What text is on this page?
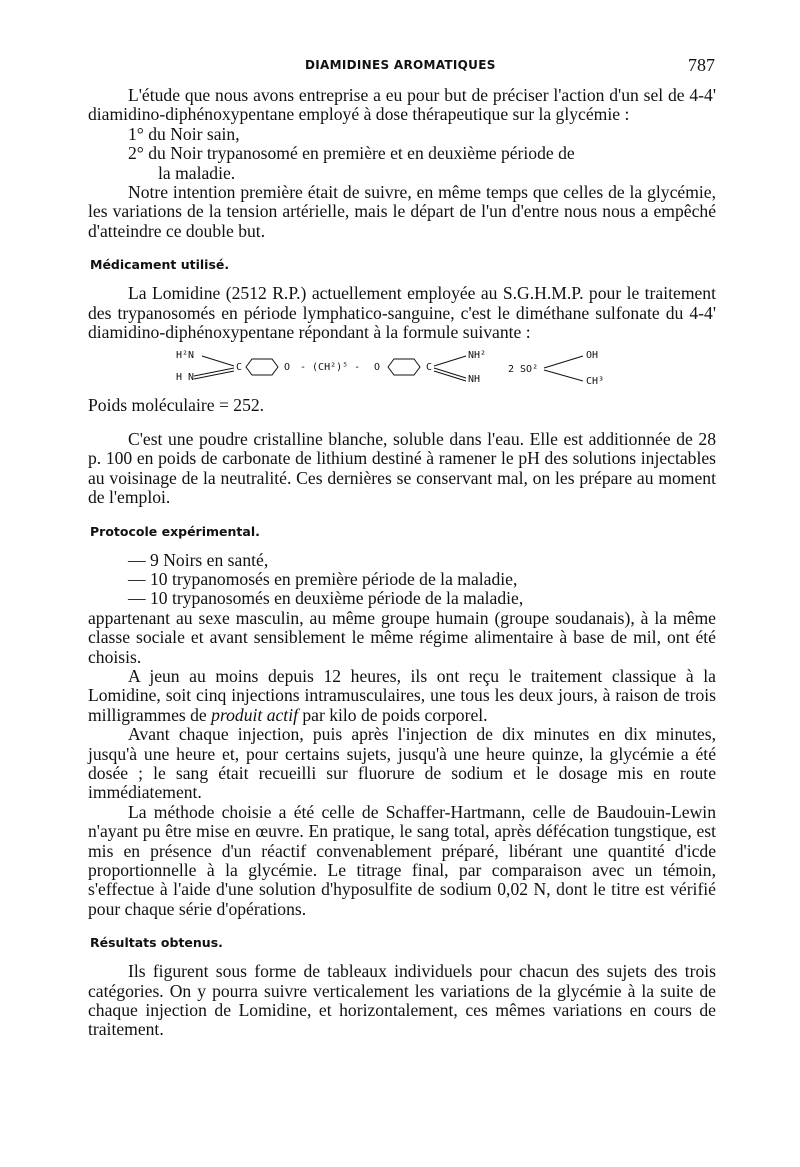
DIAMIDINES AROMATIQUES	787

L'étude que nous avons entreprise a eu pour but de préciser l'action d'un sel de 4-4' diamidino-diphénoxypentane employé à dose thérapeutique sur la glycémie :

1° du Noir sain,

2° du Noir trypanosomé en première et en deuxième période de

la maladie.

Notre intention première était de suivre, en même temps que celles de la glycémie, les variations de la tension artérielle, mais le départ de l'un d'entre nous nous a empêché d'atteindre ce double but.

Médicament utilisé.

La Lomidine (2512 R.P.) actuellement employée au S.G.H.M.P. pour le traitement des trypanosomés en période lymphatico-sanguine, c'est le diméthane sulfonate du 4-4' diamidino-diphénoxypentane répondant à la formule suivante :

H²N
H N
C	O - (CH²)⁵ - O	C
NH²
NH
2 SO²
OH
CH³

Poids moléculaire = 252.

C'est une poudre cristalline blanche, soluble dans l'eau. Elle est additionnée de 28 p. 100 en poids de carbonate de lithium destiné à ramener le pH des solutions injectables au voisinage de la neutralité. Ces dernières se conservant mal, on les prépare au moment de l'emploi.

Protocole expérimental.

— 9 Noirs en santé,

— 10 trypanomosés en première période de la maladie,

— 10 trypanosomés en deuxième période de la maladie,

appartenant au sexe masculin, au même groupe humain (groupe soudanais), à la même classe sociale et avant sensiblement le même régime alimentaire à base de mil, ont été choisis.

A jeun au moins depuis 12 heures, ils ont reçu le traitement classique à la Lomidine, soit cinq injections intramusculaires, une tous les deux jours, à raison de trois milligrammes de produit actif par kilo de poids corporel.

Avant chaque injection, puis après l'injection de dix minutes en dix minutes, jusqu'à une heure et, pour certains sujets, jusqu'à une heure quinze, la glycémie a été dosée ; le sang était recueilli sur fluorure de sodium et le dosage mis en route immédiatement.

La méthode choisie a été celle de Schaffer-Hartmann, celle de Baudouin-Lewin n'ayant pu être mise en œuvre. En pratique, le sang total, après défécation tungstique, est mis en présence d'un réactif convenablement préparé, libérant une quantité d'icde proportionnelle à la glycémie. Le titrage final, par comparaison avec un témoin, s'effectue à l'aide d'une solution d'hyposulfite de sodium 0,02 N, dont le titre est vérifié pour chaque série d'opérations.

Résultats obtenus.

Ils figurent sous forme de tableaux individuels pour chacun des sujets des trois catégories. On y pourra suivre verticalement les variations de la glycémie à la suite de chaque injection de Lomidine, et horizontalement, ces mêmes variations en cours de traitement.
